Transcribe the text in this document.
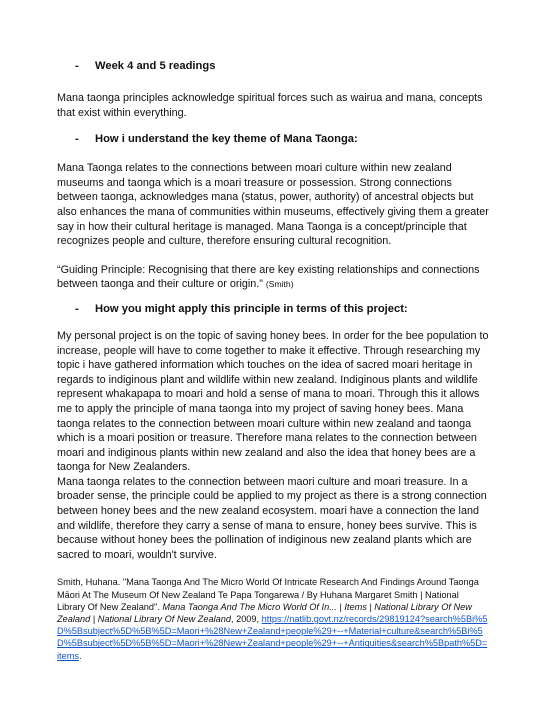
-	Week 4 and 5 readings

Mana taonga principles acknowledge spiritual forces such as wairua and mana, concepts that exist within everything.

-	How i understand the key theme of Mana Taonga:

Mana Taonga relates to the connections between moari culture within new zealand museums and taonga which is a moari treasure or possession. Strong connections between taonga, acknowledges mana (status, power, authority) of ancestral objects but also enhances the mana of communities within museums, effectively giving them a greater say in how their cultural heritage is managed. Mana Taonga is a concept/principle that recognizes people and culture, therefore ensuring cultural recognition.

“Guiding Principle: Recognising that there are key existing relationships and connections between taonga and their culture or origin.” (Smith)

-	How you might apply this principle in terms of this project:

My personal project is on the topic of saving honey bees. In order for the bee population to increase, people will have to come together to make it effective. Through researching my topic i have gathered information which touches on the idea of sacred moari heritage in regards to indiginous plant and wildlife within new zealand. Indiginous plants and wildlife represent whakapapa to moari and hold a sense of mana to moari. Through this it allows me to apply the principle of mana taonga into my project of saving honey bees. Mana taonga relates to the connection between moari culture within new zealand and taonga which is a moari position or treasure. Therefore mana relates to the connection between moari and indiginous plants within new zealand and also the idea that honey bees are a taonga for New Zealanders.

Mana taonga relates to the connection between maori culture and moari treasure. In a broader sense, the principle could be applied to my project as there is a strong connection between honey bees and the new zealand ecosystem. moari have a connection the land and wildlife, therefore they carry a sense of mana to ensure, honey bees survive. This is because without honey bees the pollination of indiginous new zealand plants which are sacred to moari, wouldn't survive.

Smith, Huhana. "Mana Taonga And The Micro World Of Intricate Research And Findings Around Taonga Māori At The Museum Of New Zealand Te Papa Tongarewa / By Huhana Margaret Smith | National Library Of New Zealand". Mana Taonga And The Micro World Of In... | Items | National Library Of New Zealand | National Library Of New Zealand, 2009, https://natlib.govt.nz/records/29819124?search%5Bi%5D%5Bsubject%5D%5B%5D=Maori+%28New+Zealand+people%29+--+Material+culture&search%5Bi%5D%5Bsubject%5D%5B%5D=Maori+%28New+Zealand+people%29+--+Antiquities&search%5Bpath%5D=items.
